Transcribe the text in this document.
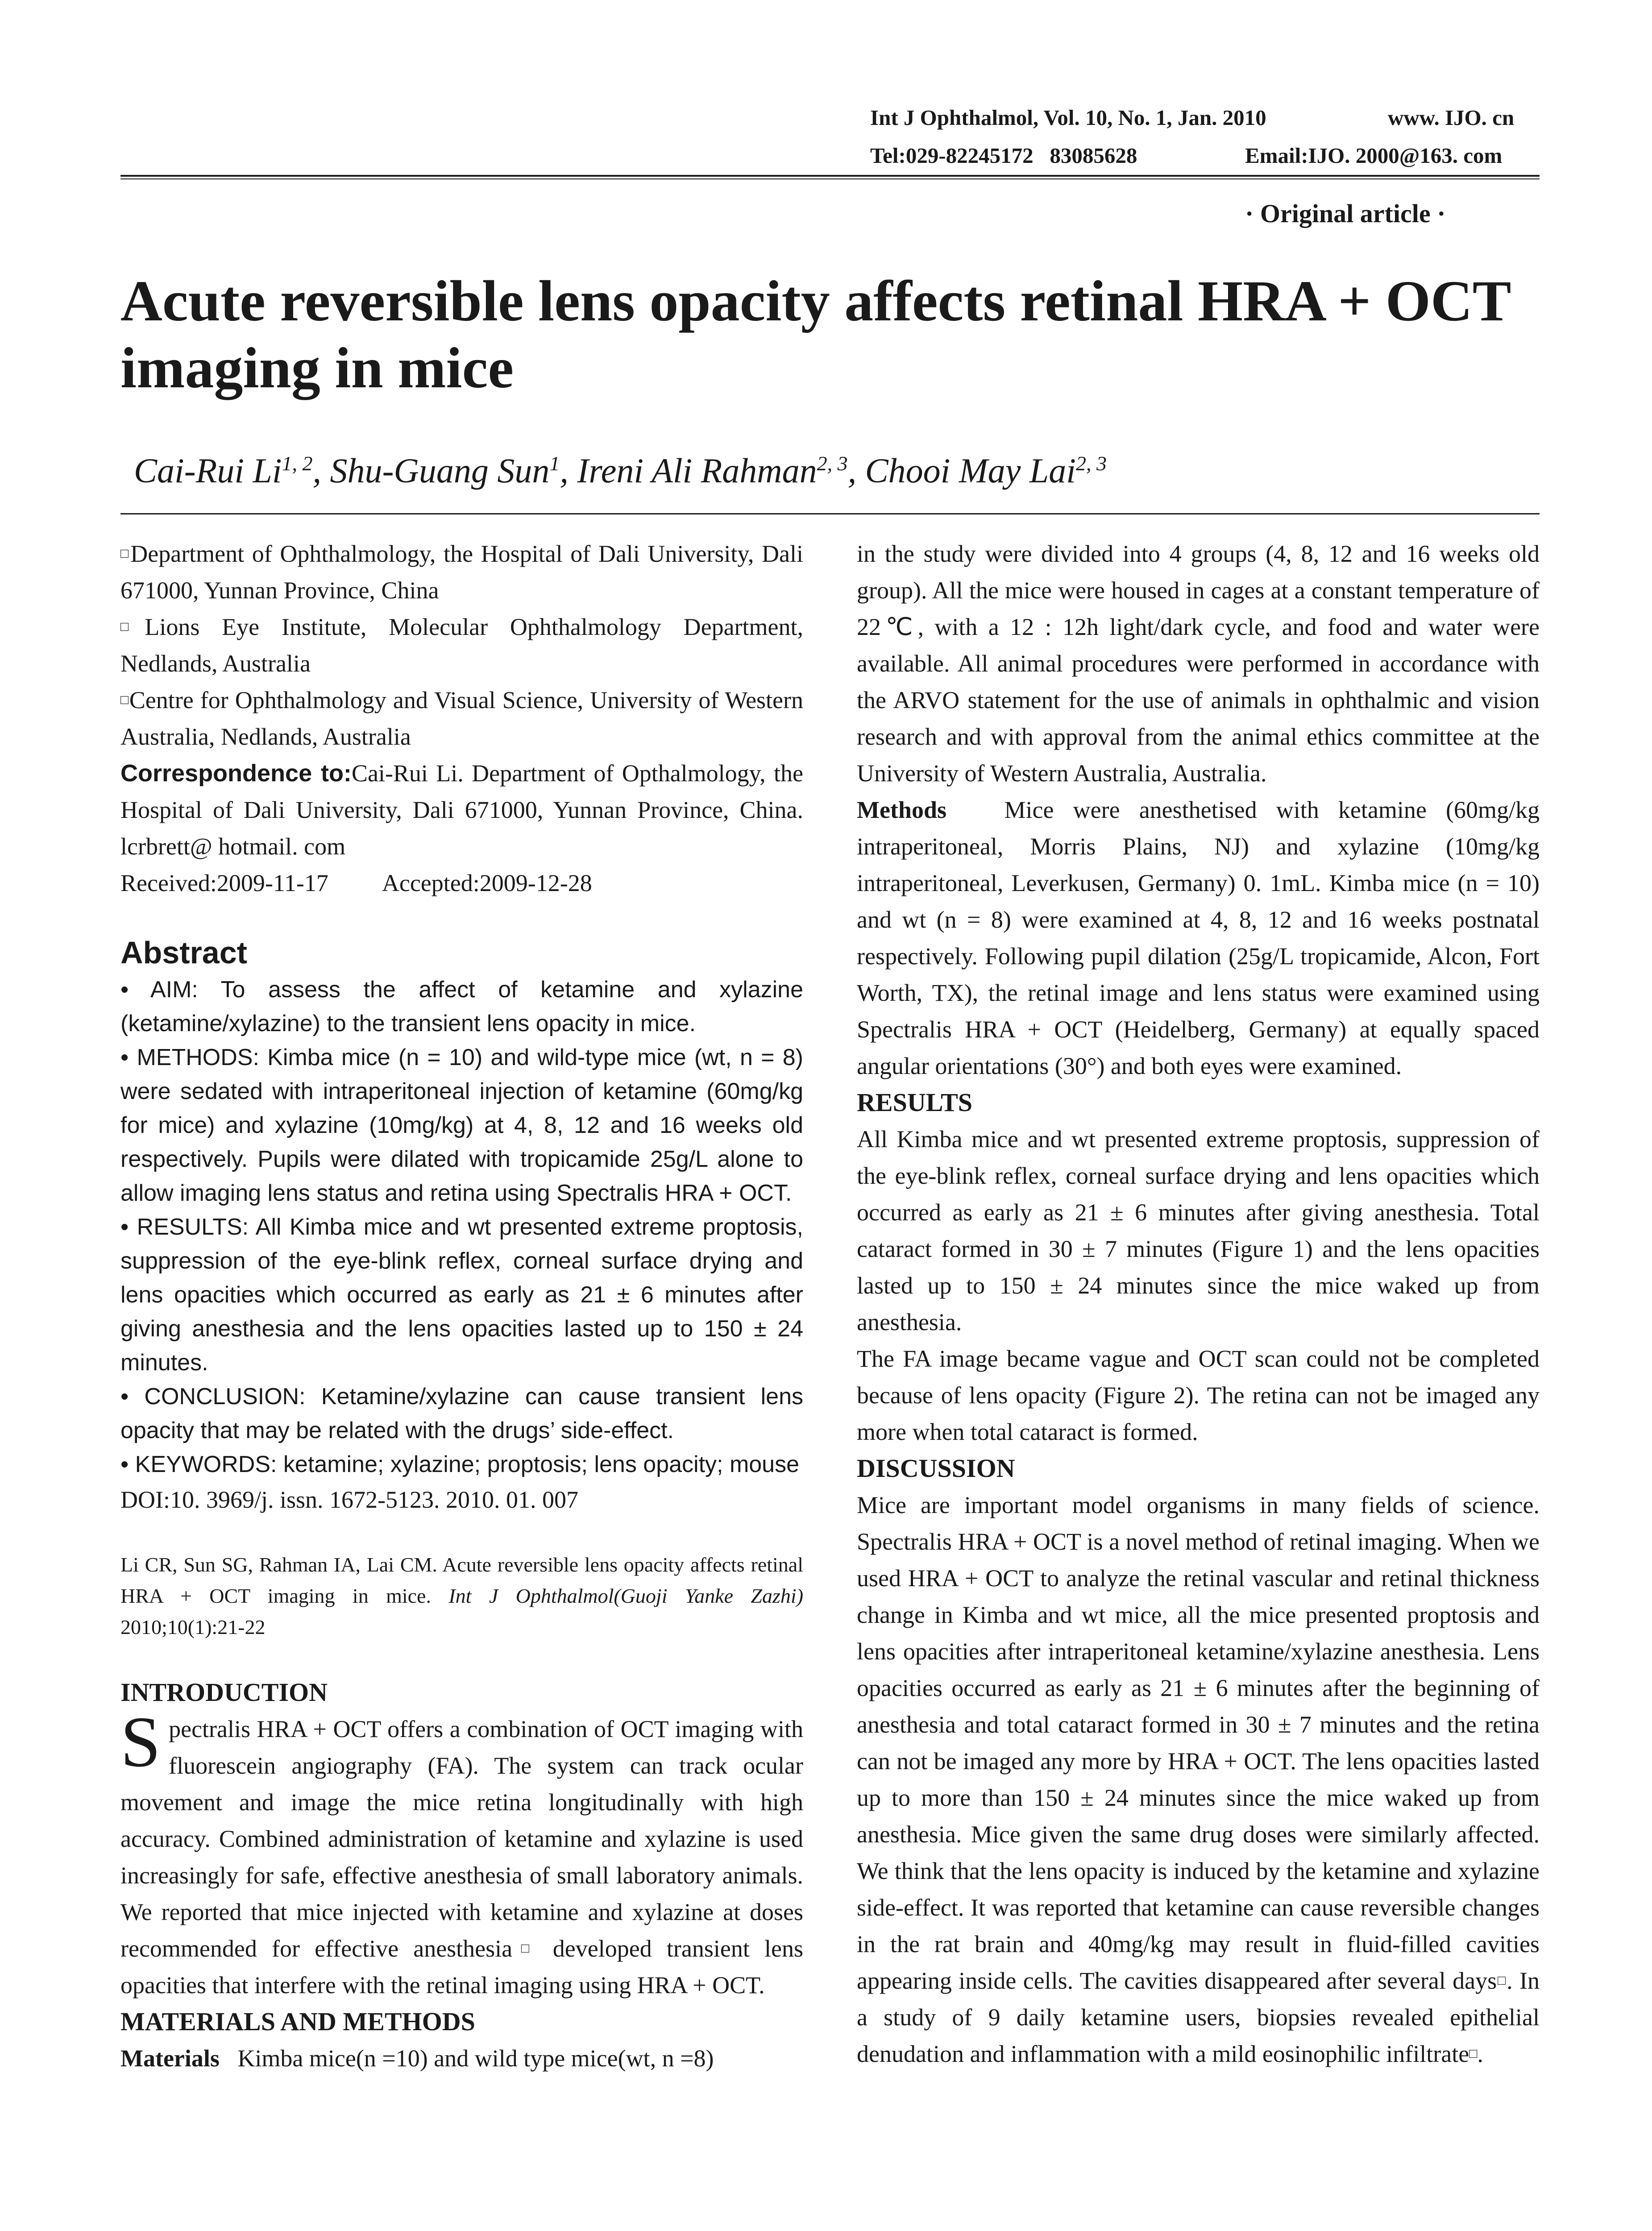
Int J Ophthalmol, Vol. 10, No. 1, Jan. 2010	www. IJO. cn
Tel:029-82245172   83085628	Email:IJO. 2000@163. com
· Original article ·
Acute reversible lens opacity affects retinal HRA + OCT imaging in mice
Cai-Rui Li$^{1, 2}$, Shu-Guang Sun$^1$, Ireni Ali Rahman$^{2, 3}$, Chooi May Lai$^{2, 3}$

□Department of Ophthalmology, the Hospital of Dali University, Dali 671000, Yunnan Province, China

□Lions Eye Institute, Molecular Ophthalmology Department, Nedlands, Australia

□Centre for Ophthalmology and Visual Science, University of Western Australia, Nedlands, Australia

Correspondence to:Cai-Rui Li. Department of Opthalmology, the Hospital of Dali University, Dali 671000, Yunnan Province, China. lcrbrett@ hotmail. com

Received:2009-11-17 Accepted:2009-12-28

Abstract

• AIM: To assess the affect of ketamine and xylazine (ketamine/xylazine) to the transient lens opacity in mice.

• METHODS: Kimba mice (n = 10) and wild-type mice (wt, n = 8) were sedated with intraperitoneal injection of ketamine (60mg/kg for mice) and xylazine (10mg/kg) at 4, 8, 12 and 16 weeks old respectively. Pupils were dilated with tropicamide 25g/L alone to allow imaging lens status and retina using Spectralis HRA + OCT.

• RESULTS: All Kimba mice and wt presented extreme proptosis, suppression of the eye-blink reflex, corneal surface drying and lens opacities which occurred as early as 21 ± 6 minutes after giving anesthesia and the lens opacities lasted up to 150 ± 24 minutes.

• CONCLUSION: Ketamine/xylazine can cause transient lens opacity that may be related with the drugs’ side-effect.

• KEYWORDS: ketamine; xylazine; proptosis; lens opacity; mouse

DOI:10. 3969/j. issn. 1672-5123. 2010. 01. 007

Li CR, Sun SG, Rahman IA, Lai CM. Acute reversible lens opacity affects retinal HRA + OCT imaging in mice. Int J Ophthalmol(Guoji Yanke Zazhi) 2010;10(1):21-22

INTRODUCTION

Spectralis HRA + OCT offers a combination of OCT imaging with fluorescein angiography (FA). The system can track ocular movement and image the mice retina longitudinally with high accuracy. Combined administration of ketamine and xylazine is used increasingly for safe, effective anesthesia of small laboratory animals. We reported that mice injected with ketamine and xylazine at doses recommended for effective anesthesia□ developed transient lens opacities that interfere with the retinal imaging using HRA + OCT.

MATERIALS AND METHODS

Materials Kimba mice(n =10) and wild type mice(wt, n =8)

in the study were divided into 4 groups (4, 8, 12 and 16 weeks old group). All the mice were housed in cages at a constant temperature of 22℃, with a 12 : 12h light/dark cycle, and food and water were available. All animal procedures were performed in accordance with the ARVO statement for the use of animals in ophthalmic and vision research and with approval from the animal ethics committee at the University of Western Australia, Australia.

Methods Mice were anesthetised with ketamine (60mg/kg intraperitoneal, Morris Plains, NJ) and xylazine (10mg/kg intraperitoneal, Leverkusen, Germany) 0. 1mL. Kimba mice (n = 10) and wt (n = 8) were examined at 4, 8, 12 and 16 weeks postnatal respectively. Following pupil dilation (25g/L tropicamide, Alcon, Fort Worth, TX), the retinal image and lens status were examined using Spectralis HRA + OCT (Heidelberg, Germany) at equally spaced angular orientations (30°) and both eyes were examined.

RESULTS

All Kimba mice and wt presented extreme proptosis, suppression of the eye-blink reflex, corneal surface drying and lens opacities which occurred as early as 21 ± 6 minutes after giving anesthesia. Total cataract formed in 30 ± 7 minutes (Figure 1) and the lens opacities lasted up to 150 ± 24 minutes since the mice waked up from anesthesia.

The FA image became vague and OCT scan could not be completed because of lens opacity (Figure 2). The retina can not be imaged any more when total cataract is formed.

DISCUSSION

Mice are important model organisms in many fields of science. Spectralis HRA + OCT is a novel method of retinal imaging. When we used HRA + OCT to analyze the retinal vascular and retinal thickness change in Kimba and wt mice, all the mice presented proptosis and lens opacities after intraperitoneal ketamine/xylazine anesthesia. Lens opacities occurred as early as 21 ± 6 minutes after the beginning of anesthesia and total cataract formed in 30 ± 7 minutes and the retina can not be imaged any more by HRA + OCT. The lens opacities lasted up to more than 150 ± 24 minutes since the mice waked up from anesthesia. Mice given the same drug doses were similarly affected. We think that the lens opacity is induced by the ketamine and xylazine side-effect. It was reported that ketamine can cause reversible changes in the rat brain and 40mg/kg may result in fluid-filled cavities appearing inside cells. The cavities disappeared after several days□. In a study of 9 daily ketamine users, biopsies revealed epithelial denudation and inflammation with a mild eosinophilic infiltrate□.
